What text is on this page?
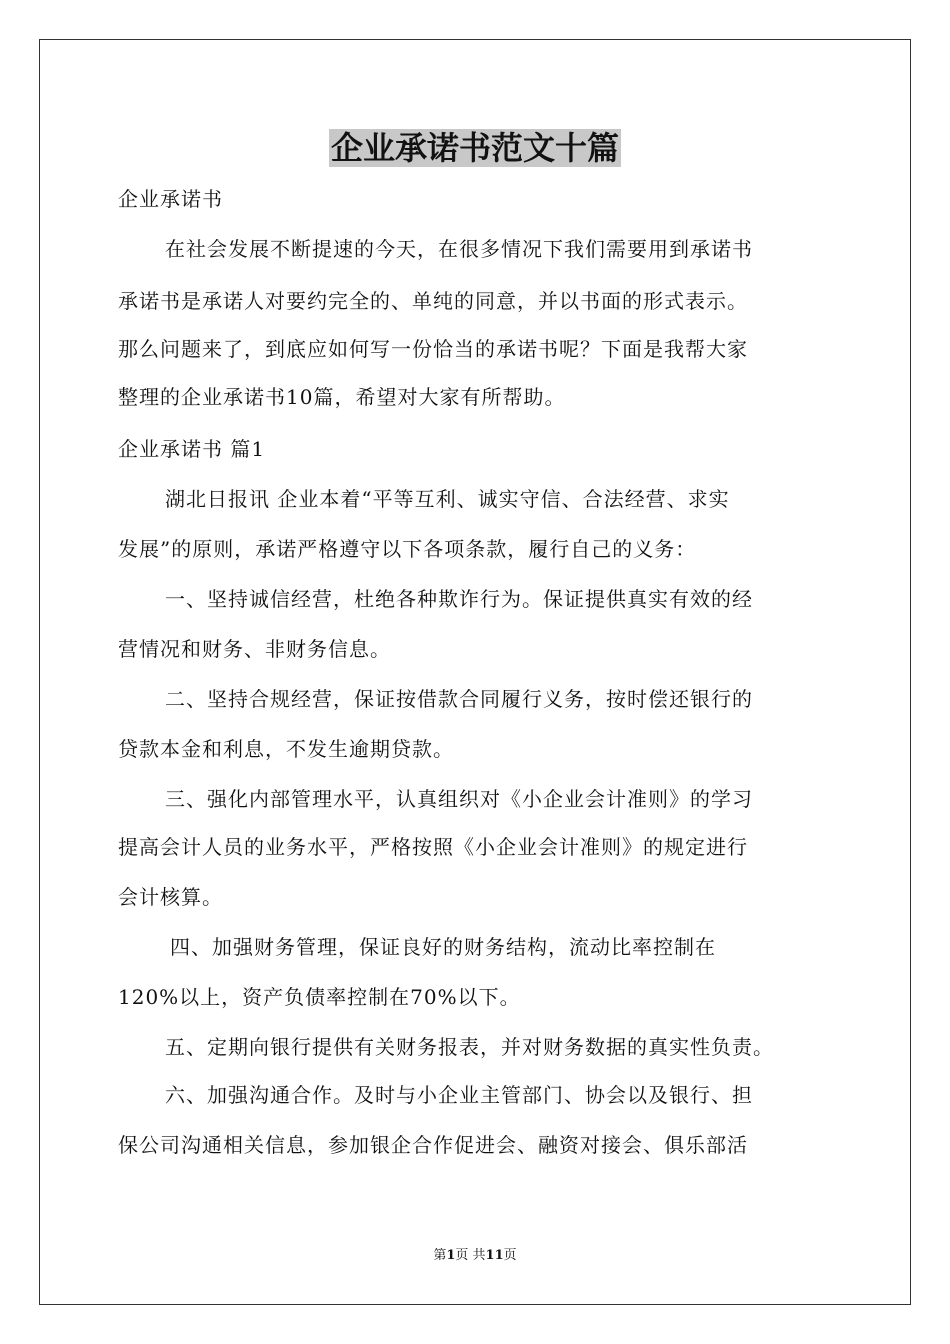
企业承诺书范文十篇
企业承诺书
在社会发展不断提速的今天，在很多情况下我们需要用到承诺书
承诺书是承诺人对要约完全的、单纯的同意，并以书面的形式表示。
那么问题来了，到底应如何写一份恰当的承诺书呢？下面是我帮大家
整理的企业承诺书10篇，希望对大家有所帮助。
企业承诺书 篇1
湖北日报讯 企业本着“平等互利、诚实守信、合法经营、求实
发展”的原则，承诺严格遵守以下各项条款，履行自己的义务：
一、坚持诚信经营，杜绝各种欺诈行为。保证提供真实有效的经
营情况和财务、非财务信息。
二、坚持合规经营，保证按借款合同履行义务，按时偿还银行的
贷款本金和利息，不发生逾期贷款。
三、强化内部管理水平，认真组织对《小企业会计准则》的学习
提高会计人员的业务水平，严格按照《小企业会计准则》的规定进行
会计核算。
四、加强财务管理，保证良好的财务结构，流动比率控制在
120%以上，资产负债率控制在70%以下。
五、定期向银行提供有关财务报表，并对财务数据的真实性负责。
六、加强沟通合作。及时与小企业主管部门、协会以及银行、担
保公司沟通相关信息，参加银企合作促进会、融资对接会、俱乐部活
第1页 共11页
